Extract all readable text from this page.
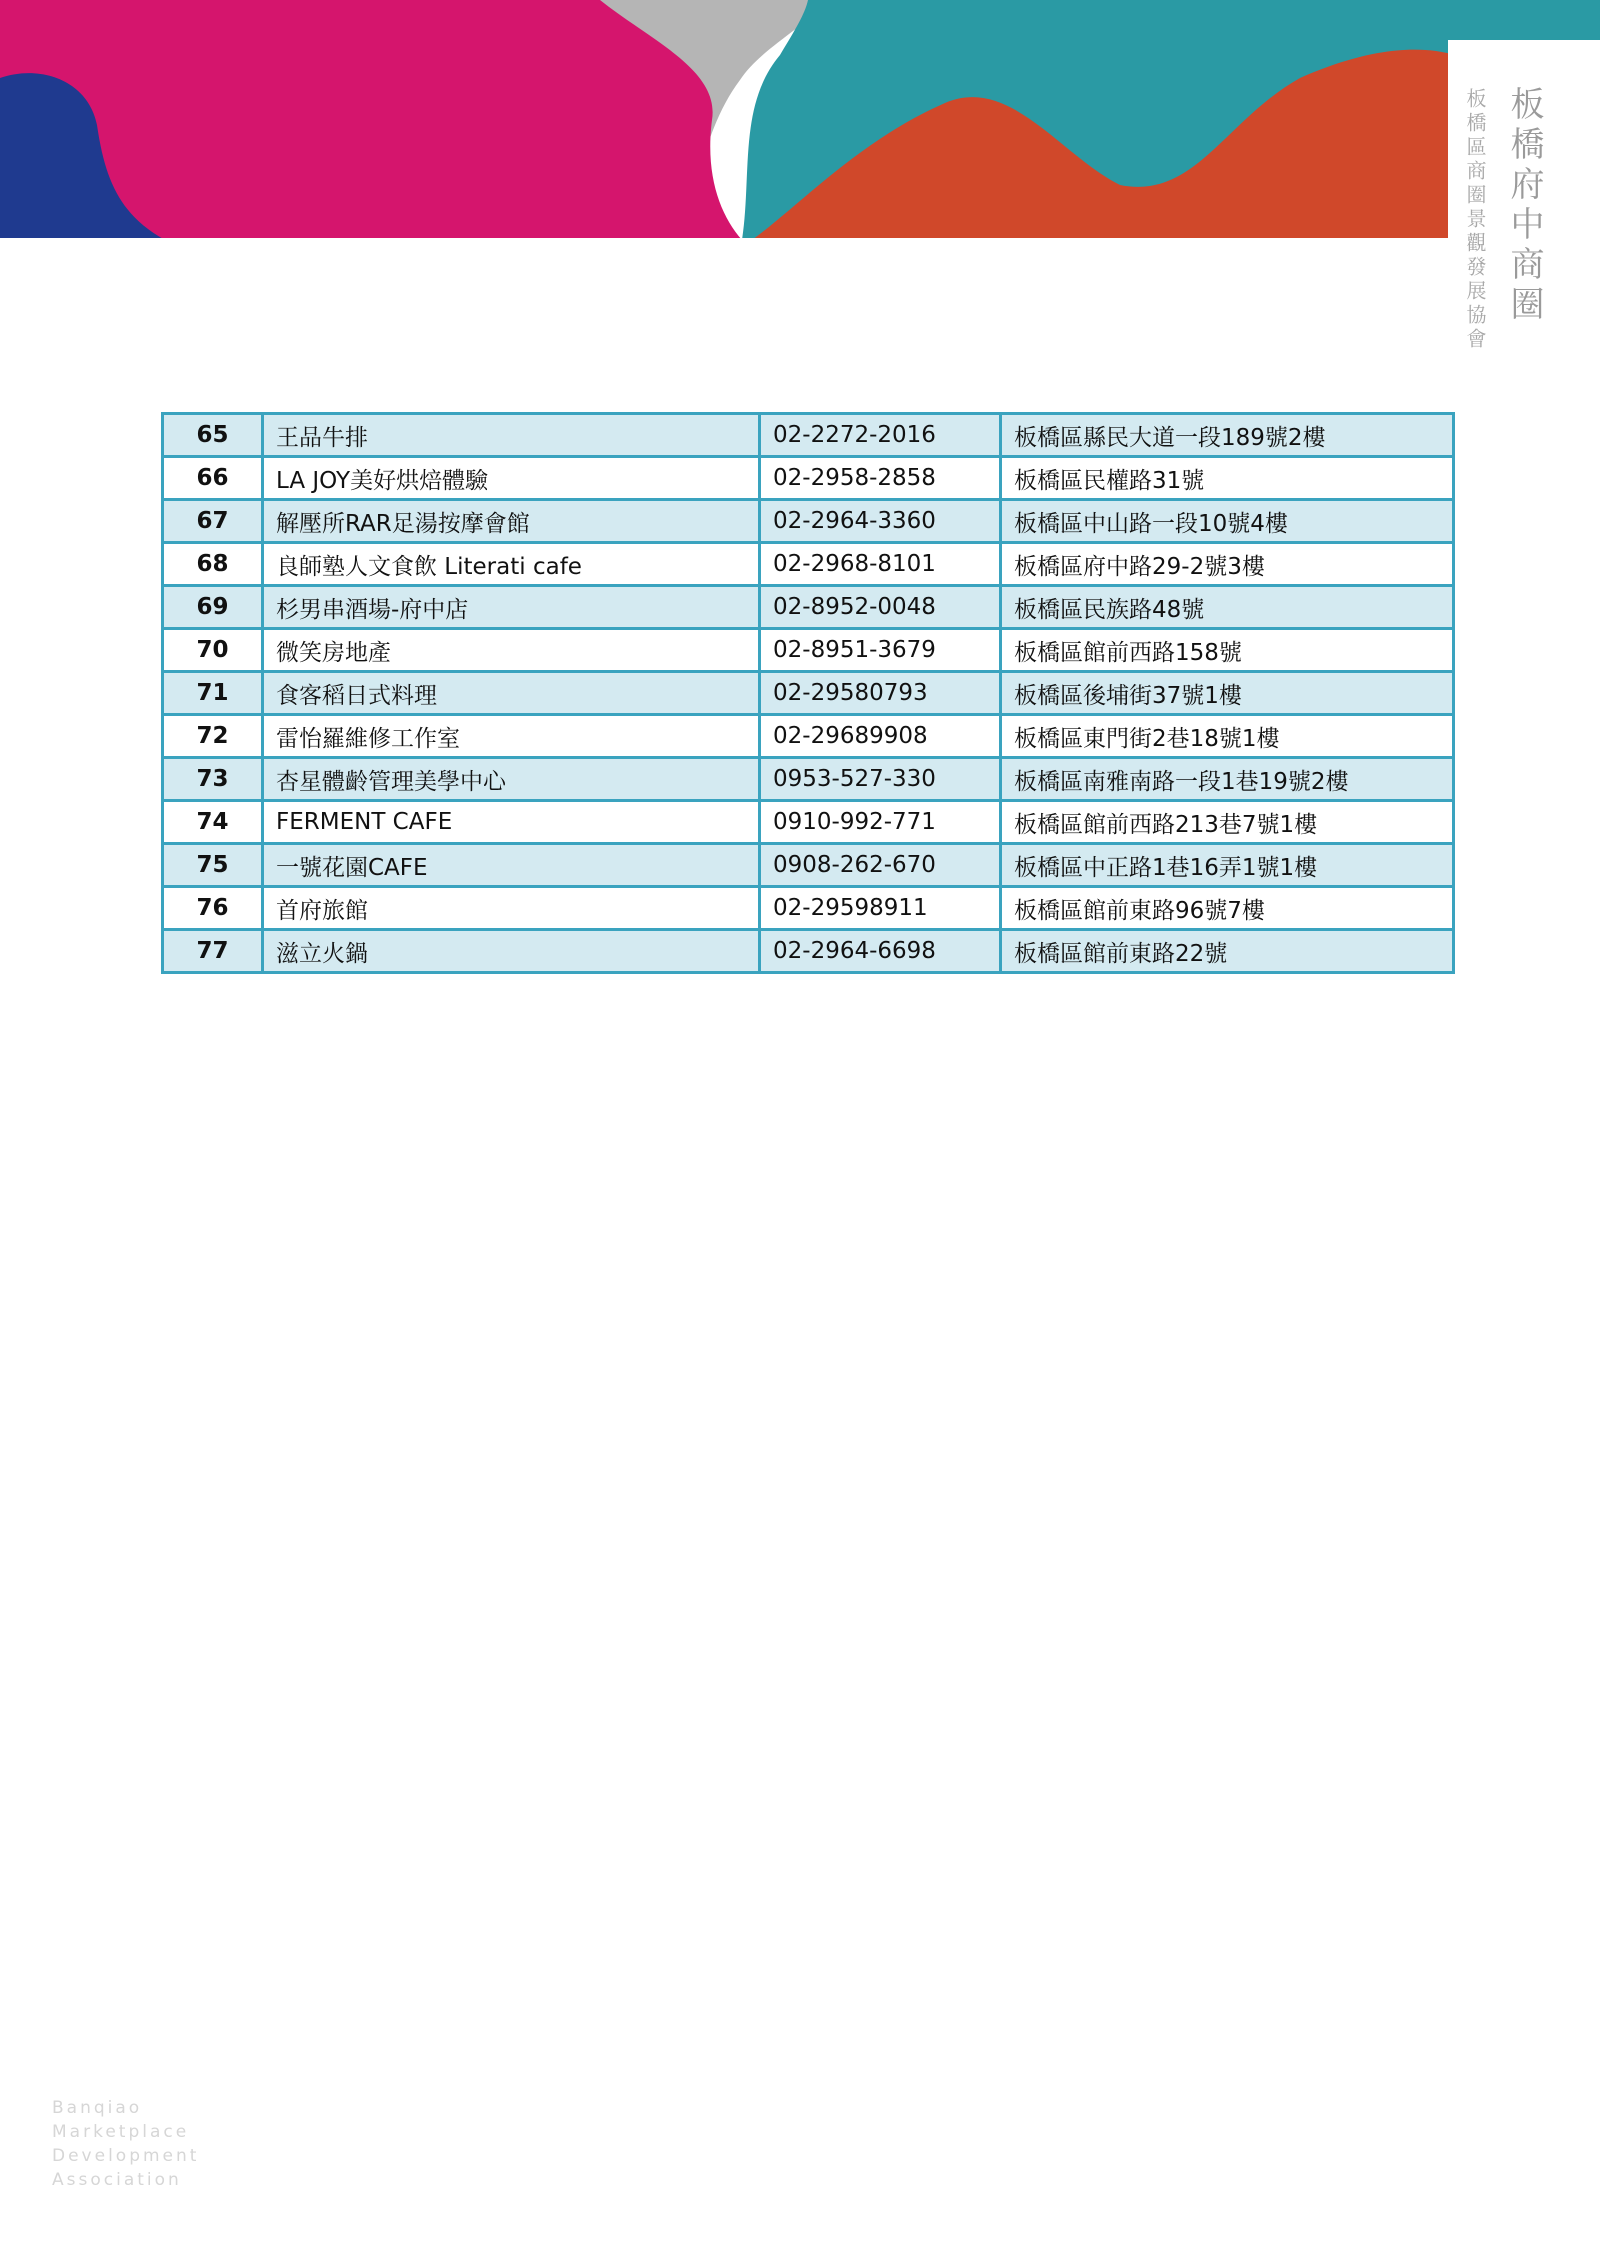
板橋府中商圈
板橋區商圈景觀發展協會
65	王品牛排	02-2272-2016	板橋區縣民大道一段189號2樓
66	LA JOY美好烘焙體驗	02-2958-2858	板橋區民權路31號
67	解壓所RAR足湯按摩會館	02-2964-3360	板橋區中山路一段10號4樓
68	良師塾人文食飲 Literati cafe	02-2968-8101	板橋區府中路29-2號3樓
69	杉男串酒場-府中店	02-8952-0048	板橋區民族路48號
70	微笑房地產	02-8951-3679	板橋區館前西路158號
71	食客稻日式料理	02-29580793	板橋區後埔街37號1樓
72	雷怡羅維修工作室	02-29689908	板橋區東門街2巷18號1樓
73	杏星體齡管理美學中心	0953-527-330	板橋區南雅南路一段1巷19號2樓
74	FERMENT CAFE	0910-992-771	板橋區館前西路213巷7號1樓
75	一號花園CAFE	0908-262-670	板橋區中正路1巷16弄1號1樓
76	首府旅館	02-29598911	板橋區館前東路96號7樓
77	滋立火鍋	02-2964-6698	板橋區館前東路22號
Banqiao
Marketplace
Development
Association
